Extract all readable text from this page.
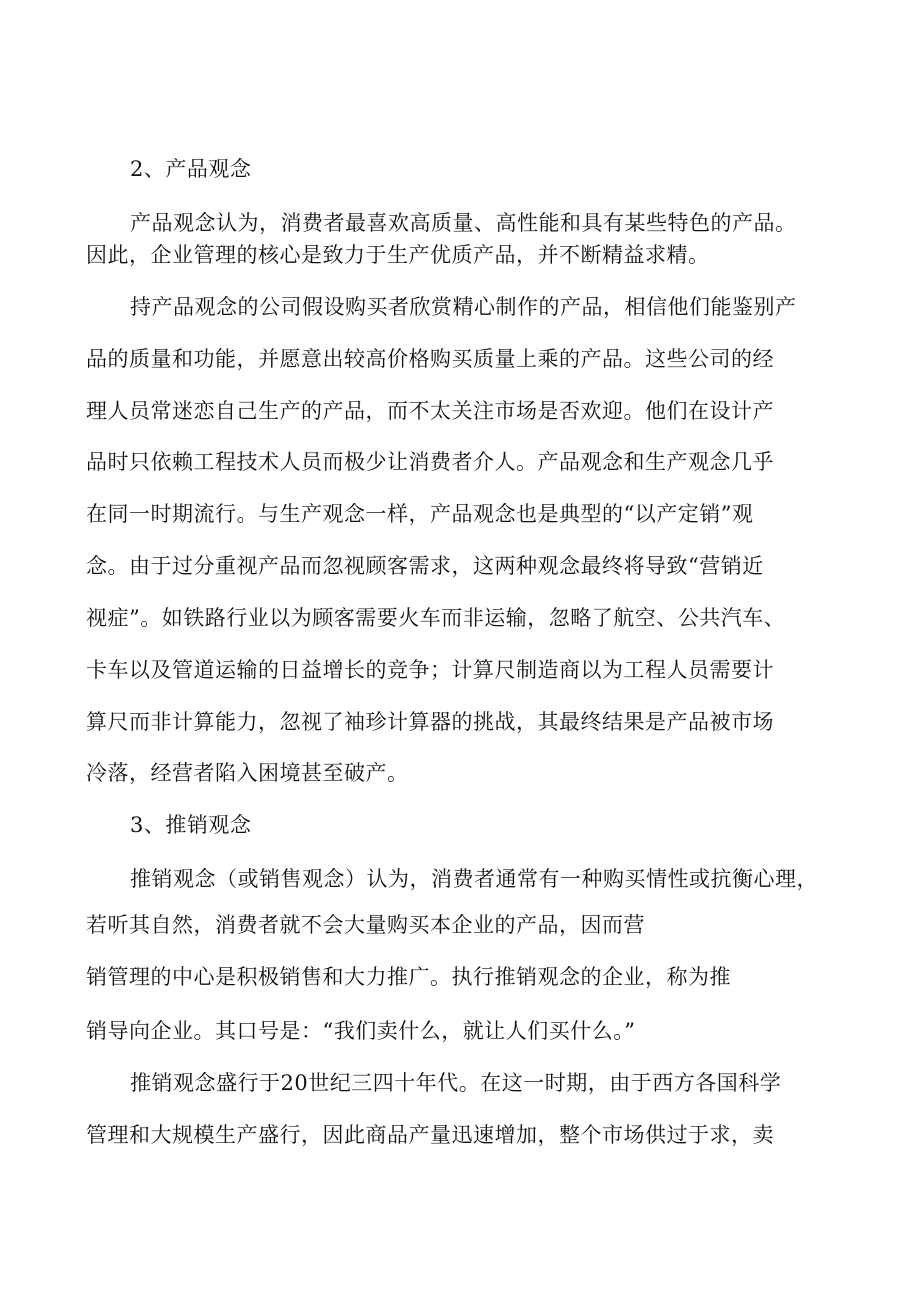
2、产品观念
产品观念认为，消费者最喜欢高质量、高性能和具有某些特色的产品。
因此，企业管理的核心是致力于生产优质产品，并不断精益求精。
持产品观念的公司假设购买者欣赏精心制作的产品，相信他们能鉴别产
品的质量和功能，并愿意出较高价格购买质量上乘的产品。这些公司的经
理人员常迷恋自己生产的产品，而不太关注市场是否欢迎。他们在设计产
品时只依赖工程技术人员而极少让消费者介人。产品观念和生产观念几乎
在同一时期流行。与生产观念一样，产品观念也是典型的“以产定销”观
念。由于过分重视产品而忽视顾客需求，这两种观念最终将导致“营销近
视症”。如铁路行业以为顾客需要火车而非运输，忽略了航空、公共汽车、
卡车以及管道运输的日益增长的竞争；计算尺制造商以为工程人员需要计
算尺而非计算能力，忽视了袖珍计算器的挑战，其最终结果是产品被市场
冷落，经营者陷入困境甚至破产。
3、推销观念
推销观念（或销售观念）认为，消费者通常有一种购买情性或抗衡心理，
若听其自然，消费者就不会大量购买本企业的产品，因而营
销管理的中心是积极销售和大力推广。执行推销观念的企业，称为推
销导向企业。其口号是：“我们卖什么，就让人们买什么。”
推销观念盛行于20世纪三四十年代。在这一时期，由于西方各国科学
管理和大规模生产盛行，因此商品产量迅速增加，整个市场供过于求，卖
